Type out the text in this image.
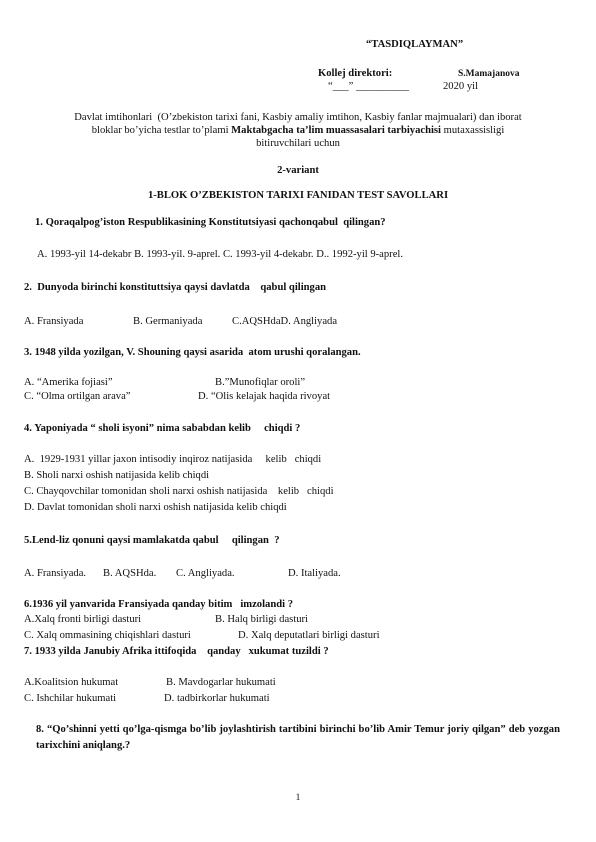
“TASDIQLAYMAN”
Kollej direktori:	S.Mamajanova
“___” __________	2020 yil
Davlat imtihonlari  (O’zbekiston tarixi fani, Kasbiy amaliy imtihon, Kasbiy fanlar majmualari) dan iborat
bloklar bo’yicha testlar to’plami Maktabgacha ta’lim muassasalari tarbiyachisi mutaxassisligi
bitiruvchilari uchun
2-variant
1-BLOK O’ZBEKISTON TARIXI FANIDAN TEST SAVOLLARI
1. Qoraqalpog’iston Respublikasining Konstitutsiyasi qachonqabul  qilingan?
A. 1993-yil 14-dekabr B. 1993-yil. 9-aprel. C. 1993-yil 4-dekabr. D.. 1992-yil 9-aprel.
2.  Dunyoda birinchi konstituttsiya qaysi davlatda    qabul qilingan
A. Fransiyada	B. Germaniyada	C.AQSHdaD. Angliyada
3. 1948 yilda yozilgan, V. Shouning qaysi asarida  atom urushi qoralangan.
A. “Amerika fojiasi”	B.”Munofiqlar oroli”
C. “Olma ortilgan arava”	D. “Olis kelajak haqida rivoyat
4. Yaponiyada “ sholi isyoni” nima sababdan kelib     chiqdi ?
A.  1929-1931 yillar jaxon intisodiy inqiroz natijasida     kelib   chiqdi
B. Sholi narxi oshish natijasida kelib chiqdi
C. Chayqovchilar tomonidan sholi narxi oshish natijasida    kelib   chiqdi
D. Davlat tomonidan sholi narxi oshish natijasida kelib chiqdi
5.Lend-liz qonuni qaysi mamlakatda qabul     qilingan  ?
A. Fransiyada. B. AQSHda. C. Angliyada.	D. Italiyada.
6.1936 yil yanvarida Fransiyada qanday bitim   imzolandi ?
A.Xalq fronti birligi dasturi	B. Halq birligi dasturi
C. Xalq ommasining chiqishlari dasturi	D. Xalq deputatlari birligi dasturi
7. 1933 yilda Janubiy Afrika ittifoqida    qanday   xukumat tuzildi ?
A.Koalitsion hukumat	B. Mavdogarlar hukumati
C. Ishchilar hukumati	D. tadbirkorlar hukumati
8. “Qo’shinni yetti qo’lga-qismga bo’lib joylashtirish tartibini birinchi bo’lib Amir Temur joriy qilgan” deb yozgan tarixchini aniqlang.?
1
